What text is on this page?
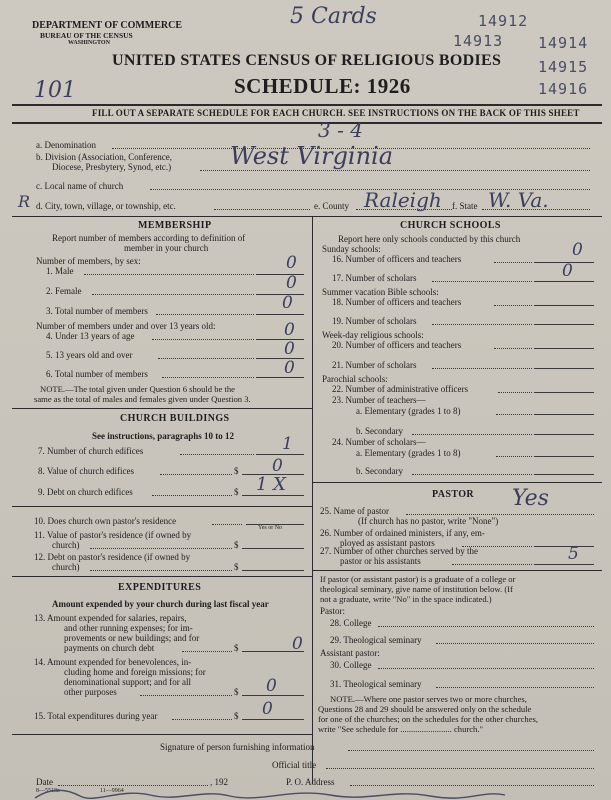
DEPARTMENT OF COMMERCE
BUREAU OF THE CENSUS
WASHINGTON
5 Cards	14912
14913 14914
14915
14916
UNITED STATES CENSUS OF RELIGIOUS BODIES
101	SCHEDULE: 1926
FILL OUT A SEPARATE SCHEDULE FOR EACH CHURCH. SEE INSTRUCTIONS ON THE BACK OF THIS SHEET
3 - 4
a. Denomination
b. Division (Association, Conference,
Diocese, Presbytery, Synod, etc.) West Virginia
c. Local name of church
R d. City, town, village, or township, etc.	e. County Raleigh f. State W. Va.
MEMBERSHIP
Report number of members according to definition of
member in your church
Number of members, by sex:
1. Male	0
2. Female	0
3. Total number of members	0
Number of members under and over 13 years old:
4. Under 13 years of age	0
5. 13 years old and over	0
6. Total number of members	0
NOTE.—The total given under Question 6 should be the
same as the total of males and females given under Question 3.
CHURCH BUILDINGS
See instructions, paragraphs 10 to 12
7. Number of church edifices	1
8. Value of church edifices	$ 0
9. Debt on church edifices	$ 1 X
10. Does church own pastor's residence
Yes or No
11. Value of pastor's residence (if owned by
church)	$
12. Debt on pastor's residence (if owned by
church)	$
EXPENDITURES
Amount expended by your church during last fiscal year
13. Amount expended for salaries, repairs,
and other running expenses; for im-
provements or new buildings; and for
payments on church debt	$	0
14. Amount expended for benevolences, in-
cluding home and foreign missions; for
denominational support; and for all
other purposes	$ 0
15. Total expenditures during year	$ 0
CHURCH SCHOOLS
Report here only schools conducted by this church
Sunday schools:
16. Number of officers and teachers	0
17. Number of scholars	0
Summer vacation Bible schools:
18. Number of officers and teachers
19. Number of scholars
Week-day religious schools:
20. Number of officers and teachers
21. Number of scholars
Parochial schools:
22. Number of administrative officers
23. Number of teachers—
a. Elementary (grades 1 to 8)
b. Secondary
24. Number of scholars—
a. Elementary (grades 1 to 8)
b. Secondary
PASTOR
25. Name of pastor	Yes
(If church has no pastor, write "None")
26. Number of ordained ministers, if any, em-
ployed as assistant pastors
27. Number of other churches served by the
pastor or his assistants	5
If pastor (or assistant pastor) is a graduate of a college or
theological seminary, give name of institution below. (If
not a graduate, write "No" in the space indicated.)
Pastor:
28. College
29. Theological seminary
Assistant pastor:
30. College
31. Theological seminary
NOTE.—Where one pastor serves two or more churches,
Questions 28 and 29 should be answered only on the schedule
for one of the churches; on the schedules for the other churches,
write "See schedule for ........................ church."
Signature of person furnishing information
Official title
Date	, 192	P. O. Address
8—5518a	11—9964
